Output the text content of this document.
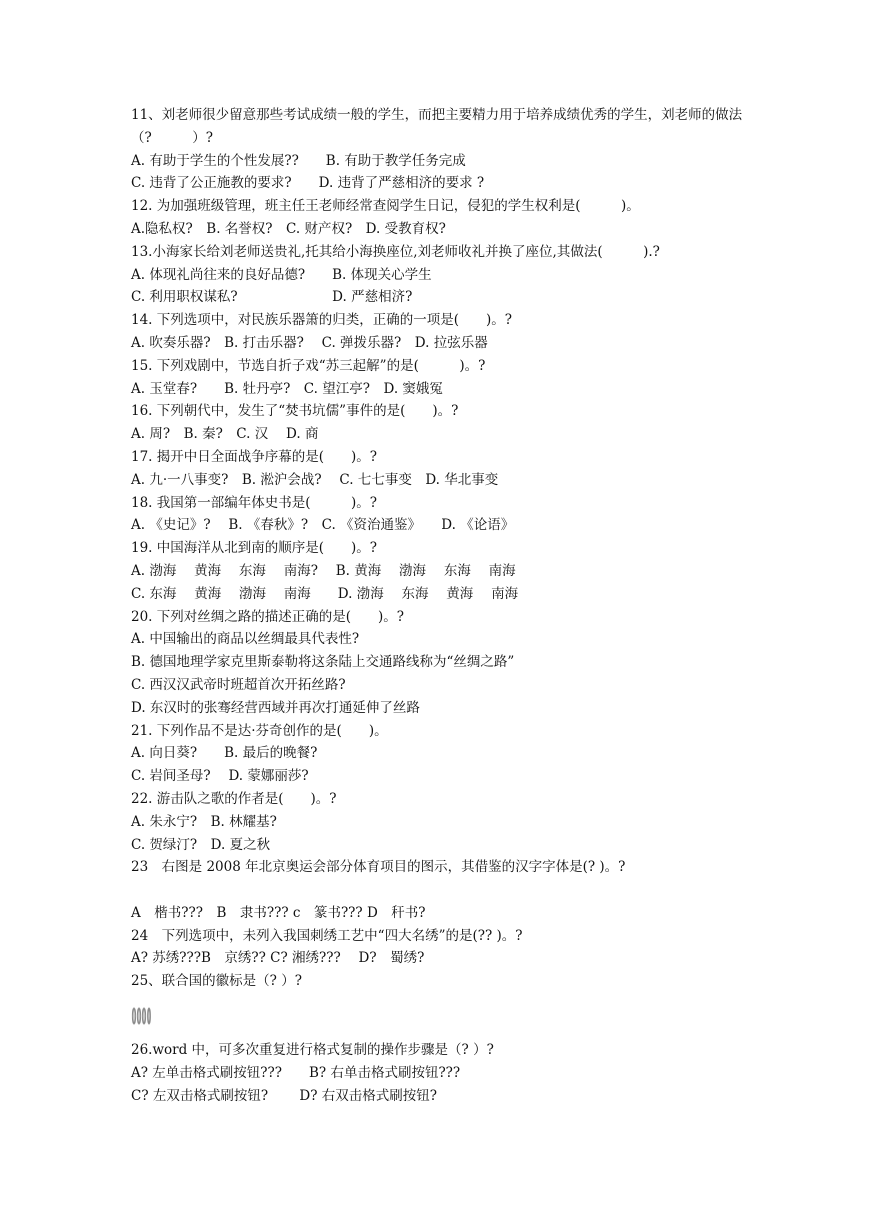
11、刘老师很少留意那些考试成绩一般的学生，而把主要精力用于培养成绩优秀的学生，刘老师的做法（?　　　）?
A. 有助于学生的个性发展??　　B. 有助于教学任务完成
C. 违背了公正施教的要求?　　D. 违背了严慈相济的要求 ?
12. 为加强班级管理，班主任王老师经常查阅学生日记，侵犯的学生权利是(　　　)。
A.隐私权?　B. 名誉权?　C. 财产权?　D. 受教育权?
13.小海家长给刘老师送贵礼,托其给小海换座位,刘老师收礼并换了座位,其做法(　　　).?
A. 体现礼尚往来的良好品德?　　B. 体现关心学生
C. 利用职权谋私?　　　　　　　D. 严慈相济?
14. 下列选项中，对民族乐器箫的归类，正确的一项是(　　)。?
A. 吹奏乐器?　B. 打击乐器?　 C. 弹拨乐器?　D. 拉弦乐器
15. 下列戏剧中，节选自折子戏“苏三起解”的是(　　　)。?
A. 玉堂春?　　B. 牡丹亭?　C. 望江亭?　D. 窦娥冤
16. 下列朝代中，发生了“焚书坑儒”事件的是(　　)。?
A. 周?　B. 秦?　C. 汉　 D. 商
17. 揭开中日全面战争序幕的是(　　)。?
A. 九·一八事变?　B. 淞沪会战?　 C. 七七事变　D. 华北事变
18. 我国第一部编年体史书是(　　　)。?
A. 《史记》?　 B. 《春秋》?　C. 《资治通鉴》　　D. 《论语》
19. 中国海洋从北到南的顺序是(　　)。?
A. 渤海　 黄海　 东海　 南海?　 B. 黄海　 渤海　 东海　 南海
C. 东海　 黄海　 渤海　 南海　　D. 渤海　 东海　 黄海　 南海
20. 下列对丝绸之路的描述正确的是(　　)。?
A. 中国输出的商品以丝绸最具代表性?
B. 德国地理学家克里斯泰勒将这条陆上交通路线称为“丝绸之路”
C. 西汉汉武帝时班超首次开拓丝路?
D. 东汉时的张骞经营西域并再次打通延伸了丝路
21. 下列作品不是达·芬奇创作的是(　　)。
A. 向日葵?　　B. 最后的晚餐?
C. 岩间圣母?　 D. 蒙娜丽莎?
22. 游击队之歌的作者是(　　)。?
A. 朱永宁?　B. 林耀基?
C. 贺绿汀?　D. 夏之秋
23　右图是 2008 年北京奥运会部分体育项目的图示，其借鉴的汉字字体是(? )。?
A　楷书???　B　隶书??? c　篆书??? D　秆书?
24　下列选项中，未列入我国刺绣工艺中“四大名绣”的是(?? )。?
A? 苏绣???B　京绣?? C? 湘绣???　 D?　蜀绣?
25、联合国的徽标是（? ）?
26.word 中，可多次重复进行格式复制的操作步骤是（? ）?
A? 左单击格式刷按钮???　　B? 右单击格式刷按钮???
C? 左双击格式刷按钮?　　 D? 右双击格式刷按钮?
